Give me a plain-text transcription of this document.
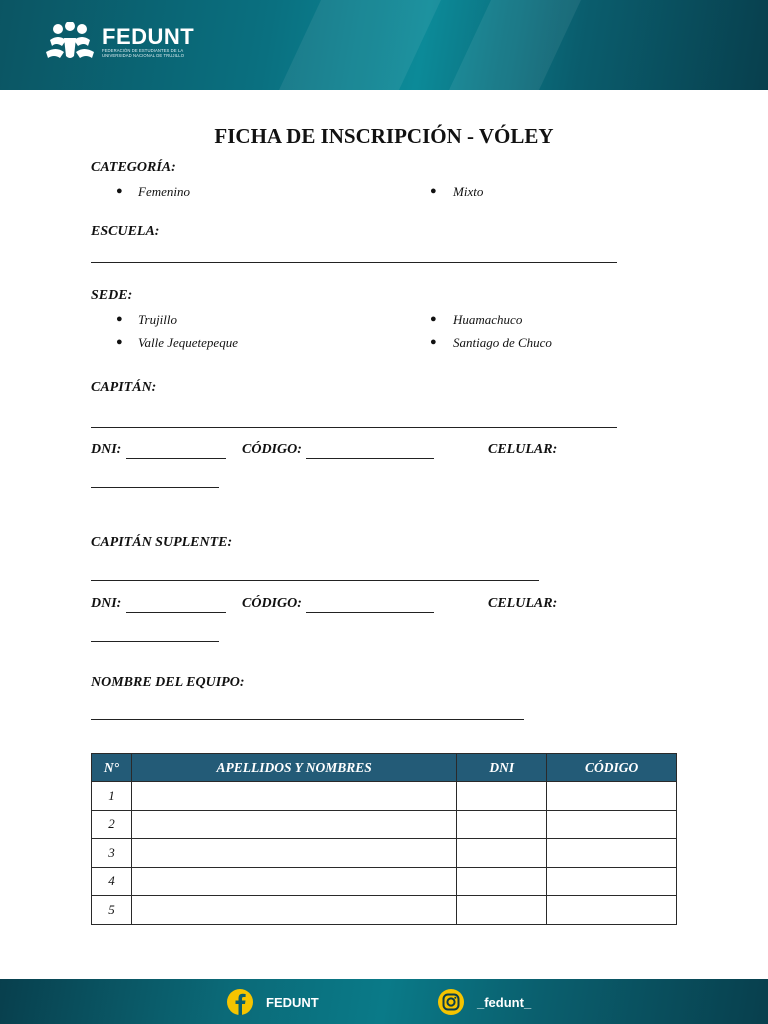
FEDUNT
FEDERACIÓN DE ESTUDIANTES DE LA
UNIVERSIDAD NACIONAL DE TRUJILLO
FICHA DE INSCRIPCIÓN - VÓLEY
CATEGORÍA:
● Femenino	● Mixto
ESCUELA:
SEDE:
● Trujillo
● Valle Jequetepeque
● Huamachuco
● Santiago de Chuco
CAPITÁN:
DNI:	CÓDIGO:	CELULAR:
CAPITÁN SUPLENTE:
DNI:	CÓDIGO:	CELULAR:
NOMBRE DEL EQUIPO:
N°	APELLIDOS Y NOMBRES	DNI	CÓDIGO
1			
2			
3			
4			
5			
FEDUNT	_fedunt_
